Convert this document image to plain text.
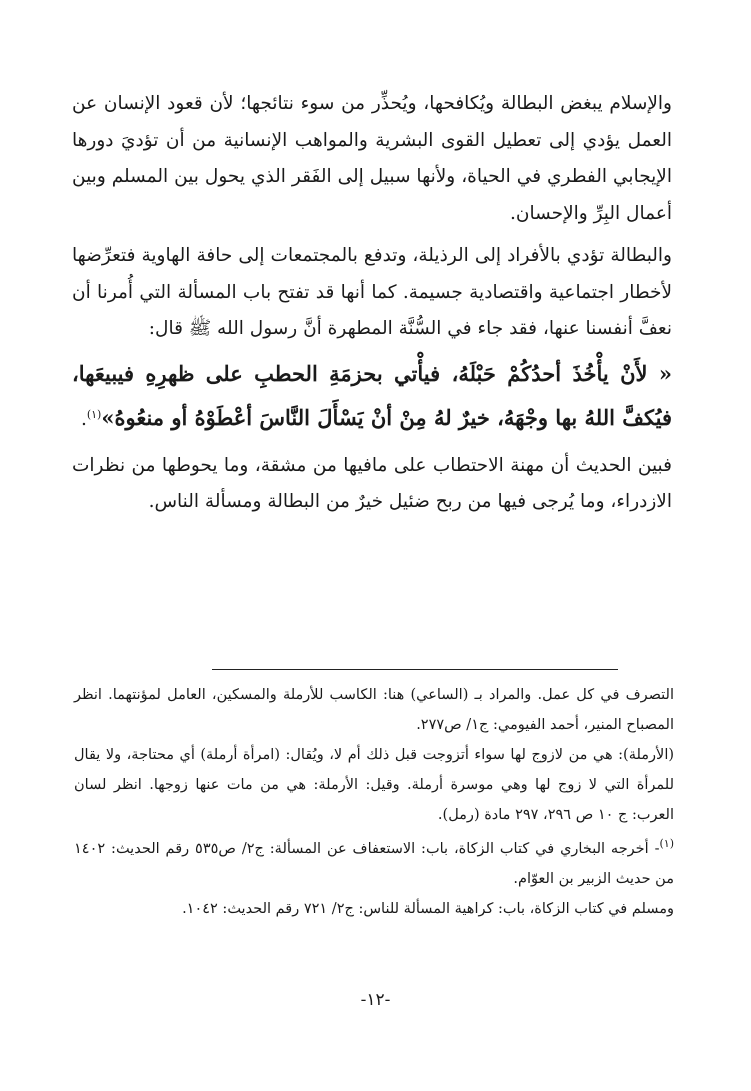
والإسلام يبغض البطالة ويُكافحها، ويُحذِّر من سوء نتائجها؛ لأن قعود الإنسان عن العمل يؤدي إلى تعطيل القوى البشرية والمواهب الإنسانية من أن تؤديَ دورها الإيجابي الفطري في الحياة، ولأنها سبيل إلى الفَقر الذي يحول بين المسلم وبين أعمال البِرِّ والإحسان.

والبطالة تؤدي بالأفراد إلى الرذيلة، وتدفع بالمجتمعات إلى حافة الهاوية فتعرِّضها لأخطار اجتماعية واقتصادية جسيمة. كما أنها قد تفتح باب المسألة التي أُمرنا أن نعفَّ أنفسنا عنها، فقد جاء في السُّنَّة المطهرة أنَّ رسول الله ﷺ قال:

« لأَنْ يأْخُذَ أحدُكُمْ حَبْلَهُ، فيأْتي بحزمَةِ الحطبِ على ظهرِهِ فيبيعَها، فيُكفَّ اللهُ بها وجْهَهُ، خيرٌ لهُ مِنْ أنْ يَسْأَلَ النَّاسَ أعْطَوْهُ أو منعُوهُ»$^{(١)}$.

فبين الحديث أن مهنة الاحتطاب على مافيها من مشقة، وما يحوطها من نظرات الازدراء، وما يُرجى فيها من ربح ضئيل خيرٌ من البطالة ومسألة الناس.

التصرف في كل عمل. والمراد بـ (الساعي) هنا: الكاسب للأرملة والمسكين، العامل لمؤنتهما. انظر المصباح المنير، أحمد الفيومي: ج١/ ص٢٧٧.

(الأرملة): هي من لازوج لها سواء أتزوجت قبل ذلك أم لا، ويُقال: (امرأة أرملة) أي محتاجة، ولا يقال للمرأة التي لا زوج لها وهي موسرة أرملة. وقيل: الأرملة: هي من مات عنها زوجها. انظر لسان العرب: ج ١٠ ص ٢٩٦، ٢٩٧ مادة (رمل).

$^{(١)}$- أخرجه البخاري في كتاب الزكاة، باب: الاستعفاف عن المسألة: ج٢/ ص٥٣٥ رقم الحديث: ١٤٠٢ من حديث الزبير بن العوّام.

ومسلم في كتاب الزكاة، باب: كراهية المسألة للناس: ج٢/ ٧٢١ رقم الحديث: ١٠٤٢.

-١٢-
